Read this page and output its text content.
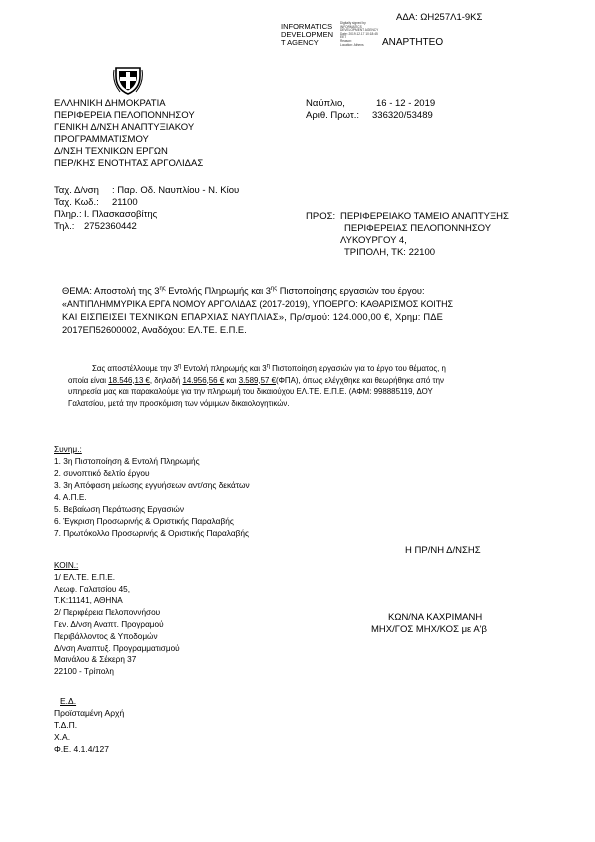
ΑΔΑ: ΩΗ257Λ1-9ΚΣ
INFORMATICS
DEVELOPMEN
T AGENCY
Digitally signed by
INFORMATICS
DEVELOPMENT AGENCY
Date: 2019.12.17 10:18:45
EET
Reason:
Location: Athens	ΑΝΑΡΤΗΤΕΟ
ΕΛΛΗΝΙΚΗ ΔΗΜΟΚΡΑΤΙΑ
ΠΕΡΙΦΕΡΕΙΑ ΠΕΛΟΠΟΝΝΗΣΟΥ
ΓΕΝΙΚΗ Δ/ΝΣΗ ΑΝΑΠΤΥΞΙΑΚΟΥ
ΠΡΟΓΡΑΜΜΑΤΙΣΜΟΥ
Δ/ΝΣΗ ΤΕΧΝΙΚΩΝ ΕΡΓΩΝ
ΠΕΡ/ΚΗΣ ΕΝΟΤΗΤΑΣ ΑΡΓΟΛΙΔΑΣ
Ναύπλιο,	16 - 12 - 2019
Αριθ. Πρωτ.: 336320/53489
Ταχ. Δ/νση : Παρ. Οδ. Ναυπλίου - Ν. Κίου
Ταχ. Κωδ.: 21100
Πληρ.: Ι. Πλασκασοβίτης
Τηλ.: 2752360442
ΠΡΟΣ: ΠΕΡΙΦΕΡΕΙΑΚΟ ΤΑΜΕΙΟ ΑΝΑΠΤΥΞΗΣ
ΠΕΡΙΦΕΡΕΙΑΣ ΠΕΛΟΠΟΝΝΗΣΟΥ
ΛΥΚΟΥΡΓΟΥ 4,
ΤΡΙΠΟΛΗ, ΤΚ: 22100
ΘΕΜΑ: Αποστολή της $3^{\eta\varsigma}$ Εντολής Πληρωμής και $3^{\eta\varsigma}$ Πιστοποίησης εργασιών του έργου:
«ΑΝΤΙΠΛΗΜΜΥΡΙΚΑ ΕΡΓΑ ΝΟΜΟΥ ΑΡΓΟΛΙΔΑΣ (2017-2019), ΥΠΟΕΡΓΟ: ΚΑΘΑΡΙΣΜΟΣ ΚΟΙΤΗΣ
ΚΑΙ ΕΙΣΠΕΙΣΕΙ ΤΕΧΝΙΚΩΝ ΕΠΑΡΧΙΑΣ ΝΑΥΠΛΙΑΣ», Πρ/σμού: 124.000,00 €, Χρημ: ΠΔΕ
2017ΕΠ52600002, Αναδόχου: ΕΛ.ΤΕ. Ε.Π.Ε.
Σας αποστέλλουμε την $3^\eta$ Εντολή πληρωμής και $3^\eta$ Πιστοποίηση εργασιών για το έργο του θέματος, η
οποία είναι 18.546,13 €, δηλαδή 14.956,56 € και 3.589,57 €(ΦΠΑ), όπως ελέγχθηκε και θεωρήθηκε από την
υπηρεσία μας και παρακαλούμε για την πληρωμή του δικαιούχου ΕΛ.ΤΕ. Ε.Π.Ε. (ΑΦΜ: 998885119, ΔΟΥ
Γαλατσίου, μετά την προσκόμιση των νόμιμων δικαιολογητικών.
Συνημ.:
1. 3η Πιστοποίηση & Εντολή Πληρωμής
2. συνοπτικό δελτίο έργου
3. 3η Απόφαση μείωσης εγγυήσεων αντ/σης δεκάτων
4. Α.Π.Ε.
5. Βεβαίωση Περάτωσης Εργασιών
6. Έγκριση Προσωρινής & Οριστικής Παραλαβής
7. Πρωτόκολλο Προσωρινής & Οριστικής Παραλαβής
Η ΠΡ/ΝΗ Δ/ΝΣΗΣ
ΚΩΝ/ΝΑ ΚΑΧΡΙΜΑΝΗ
ΜΗΧ/ΓΟΣ ΜΗΧ/ΚΟΣ με Α'β
ΚΟΙΝ.:
1/ ΕΛ.ΤΕ. Ε.Π.Ε.
Λεωφ. Γαλατσίου 45,
Τ.Κ:11141, ΑΘΗΝΑ
2/ Περιφέρεια Πελοποννήσου
Γεν. Δ/νση Αναπτ. Προγραμού
Περιβάλλοντος & Υποδομών
Δ/νση Αναπτυξ. Προγραμματισμού
Μαινάλου & Σέκερη 37
22100 - Τρίπολη
Ε.Δ.
Προϊσταμένη Αρχή
Τ.Δ.Π.
Χ.Α.
Φ.Ε. 4.1.4/127
